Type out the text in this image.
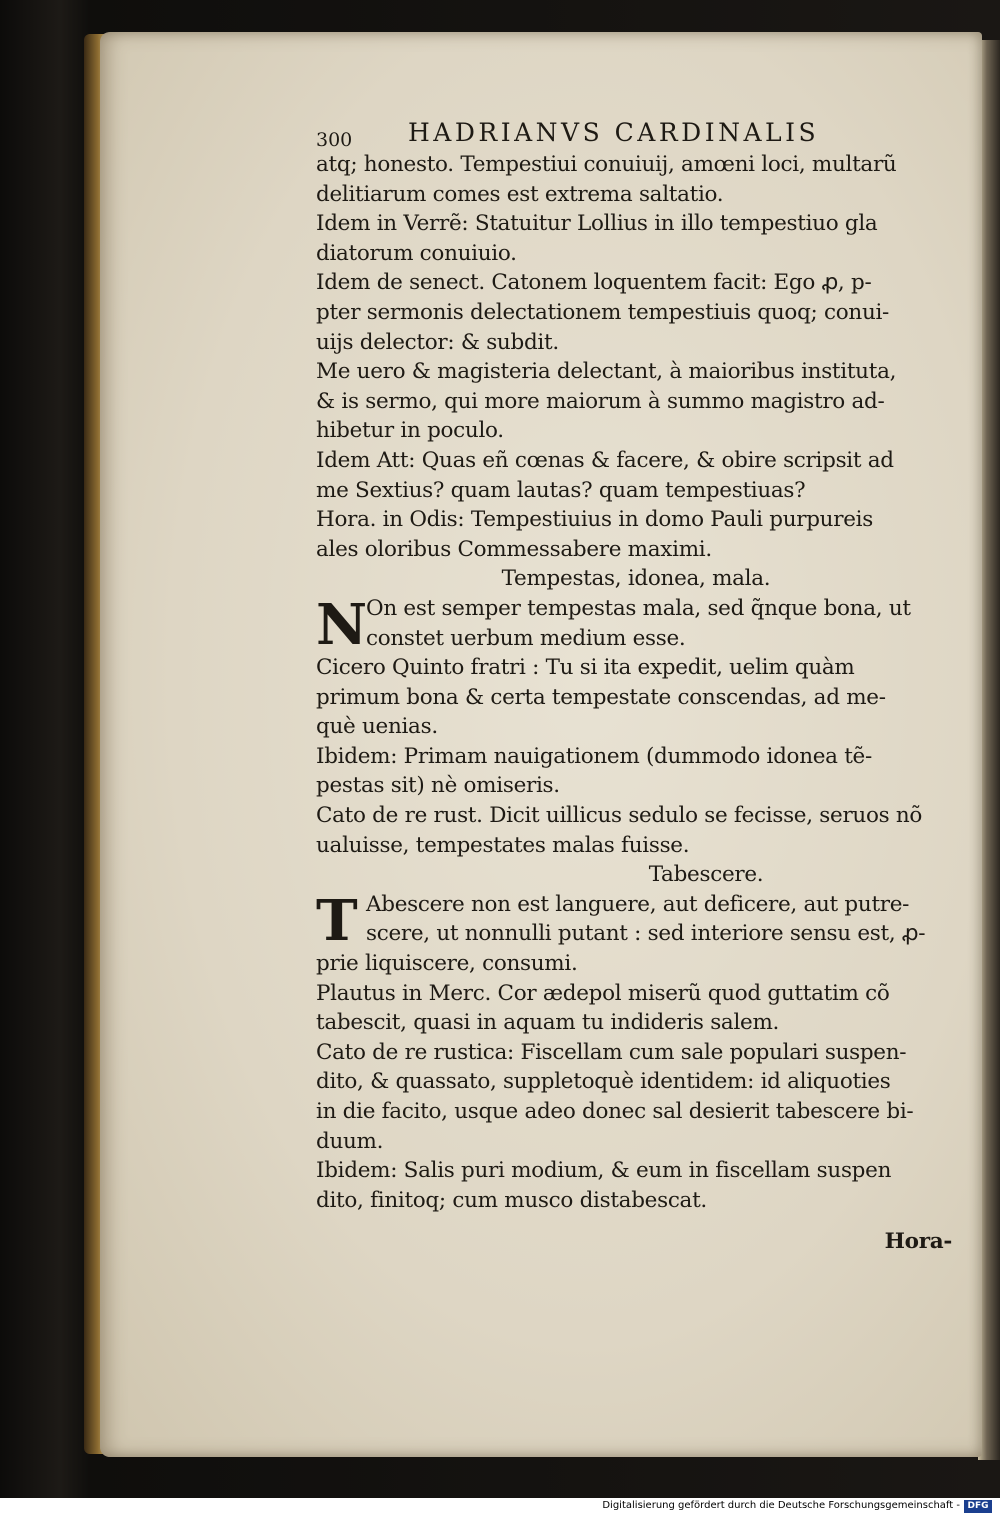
300 HADRIANVS CARDINALIS
atq; honesto. Tempestiui conuiuij, amœni loci, multarũ
delitiarum comes est extrema saltatio.
Idem in Verrẽ: Statuitur Lollius in illo tempestiuo gla
diatorum conuiuio.
Idem de senect. Catonem loquentem facit: Ego ꝓ, p-
pter sermonis delectationem tempestiuis quoq; conui-
uijs delector: & subdit.
Me uero & magisteria delectant, à maioribus instituta,
& is sermo, qui more maiorum à summo magistro ad-
hibetur in poculo.
Idem Att: Quas eñ cœnas & facere, & obire scripsit ad
me Sextius? quam lautas? quam tempestiuas?
Hora. in Odis: Tempestiuius in domo Pauli purpureis
ales oloribus Commessabere maximi.
Tempestas, idonea, mala.
N On est semper tempestas mala, sed q̃nque bona, ut
constet uerbum medium esse.
Cicero Quinto fratri : Tu si ita expedit, uelim quàm
primum bona & certa tempestate conscendas, ad me-
què uenias.
Ibidem: Primam nauigationem (dummodo idonea tẽ-
pestas sit) nè omiseris.
Cato de re rust. Dicit uillicus sedulo se fecisse, seruos nõ
ualuisse, tempestates malas fuisse.
Tabescere.
T Abescere non est languere, aut deficere, aut putre-
scere, ut nonnulli putant : sed interiore sensu est, ꝓ-
prie liquiscere, consumi.
Plautus in Merc. Cor ædepol miserũ quod guttatim cõ
tabescit, quasi in aquam tu indideris salem.
Cato de re rustica: Fiscellam cum sale populari suspen-
dito, & quassato, suppletoquè identidem: id aliquoties
in die facito, usque adeo donec sal desierit tabescere bi-
duum.
Ibidem: Salis puri modium, & eum in fiscellam suspen
dito, finitoq; cum musco distabescat.
Hora-
Digitalisierung gefördert durch die Deutsche Forschungsgemeinschaft - DFG
